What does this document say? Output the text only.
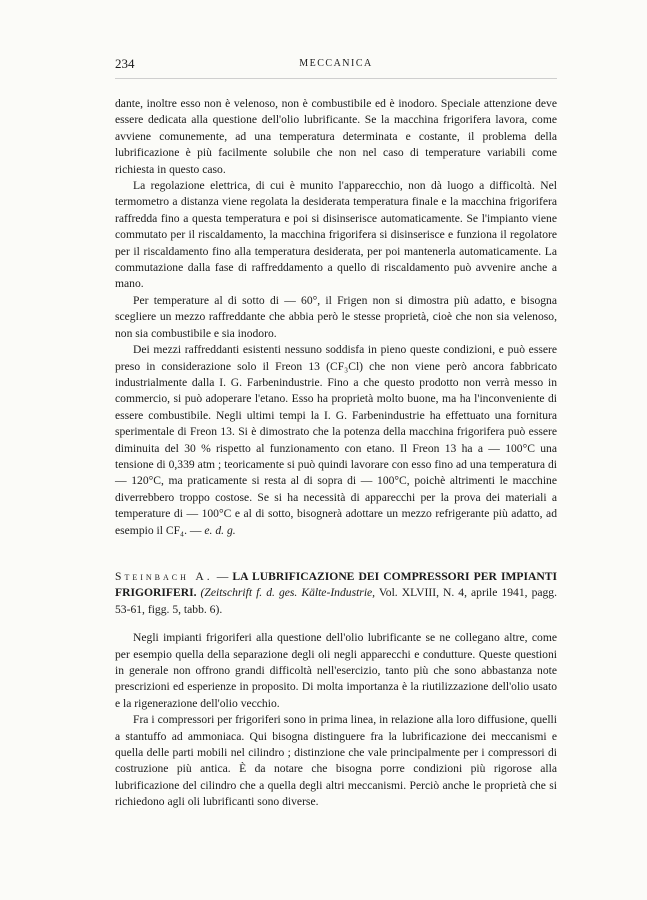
234	MECCANICA

dante, inoltre esso non è velenoso, non è combustibile ed è inodoro. Speciale attenzione deve essere dedicata alla questione dell'olio lubrificante. Se la macchina frigorifera lavora, come avviene comunemente, ad una temperatura determinata e costante, il problema della lubrificazione è più facilmente solubile che non nel caso di temperature variabili come richiesta in questo caso.

La regolazione elettrica, di cui è munito l'apparecchio, non dà luogo a difficoltà. Nel termometro a distanza viene regolata la desiderata temperatura finale e la macchina frigorifera raffredda fino a questa temperatura e poi si disinserisce automaticamente. Se l'impianto viene commutato per il riscaldamento, la macchina frigorifera si disinserisce e funziona il regolatore per il riscaldamento fino alla temperatura desiderata, per poi mantenerla automaticamente. La commutazione dalla fase di raffreddamento a quello di riscaldamento può avvenire anche a mano.

Per temperature al di sotto di — 60°, il Frigen non si dimostra più adatto, e bisogna scegliere un mezzo raffreddante che abbia però le stesse proprietà, cioè che non sia velenoso, non sia combustibile e sia inodoro.

Dei mezzi raffreddanti esistenti nessuno soddisfa in pieno queste condizioni, e può essere preso in considerazione solo il Freon 13 (CF₃Cl) che non viene però ancora fabbricato industrialmente dalla I. G. Farbenindustrie. Fino a che questo prodotto non verrà messo in commercio, si può adoperare l'etano. Esso ha proprietà molto buone, ma ha l'inconveniente di essere combustibile. Negli ultimi tempi la I. G. Farbenindustrie ha effettuato una fornitura sperimentale di Freon 13. Si è dimostrato che la potenza della macchina frigorifera può essere diminuita del 30 % rispetto al funzionamento con etano. Il Freon 13 ha a — 100°C una tensione di 0,339 atm ; teoricamente si può quindi lavorare con esso fino ad una temperatura di — 120°C, ma praticamente si resta al di sopra di — 100°C, poichè altrimenti le macchine diverrebbero troppo costose. Se si ha necessità di apparecchi per la prova dei materiali a temperature di — 100°C e al di sotto, bisognerà adottare un mezzo refrigerante più adatto, ad esempio il CF₄. — e. d. g.

Steinbach A. — LA LUBRIFICAZIONE DEI COMPRESSORI PER IMPIANTI FRIGORIFERI. (Zeitschrift f. d. ges. Kälte-Industrie, Vol. XLVIII, N. 4, aprile 1941, pagg. 53-61, figg. 5, tabb. 6).

Negli impianti frigoriferi alla questione dell'olio lubrificante se ne collegano altre, come per esempio quella della separazione degli oli negli apparecchi e condutture. Queste questioni in generale non offrono grandi difficoltà nell'esercizio, tanto più che sono abbastanza note prescrizioni ed esperienze in proposito. Di molta importanza è la riutilizzazione dell'olio usato e la rigenerazione dell'olio vecchio.

Fra i compressori per frigoriferi sono in prima linea, in relazione alla loro diffusione, quelli a stantuffo ad ammoniaca. Qui bisogna distinguere fra la lubrificazione dei meccanismi e quella delle parti mobili nel cilindro ; distinzione che vale principalmente per i compressori di costruzione più antica. È da notare che bisogna porre condizioni più rigorose alla lubrificazione del cilindro che a quella degli altri meccanismi. Perciò anche le proprietà che si richiedono agli oli lubrificanti sono diverse.
